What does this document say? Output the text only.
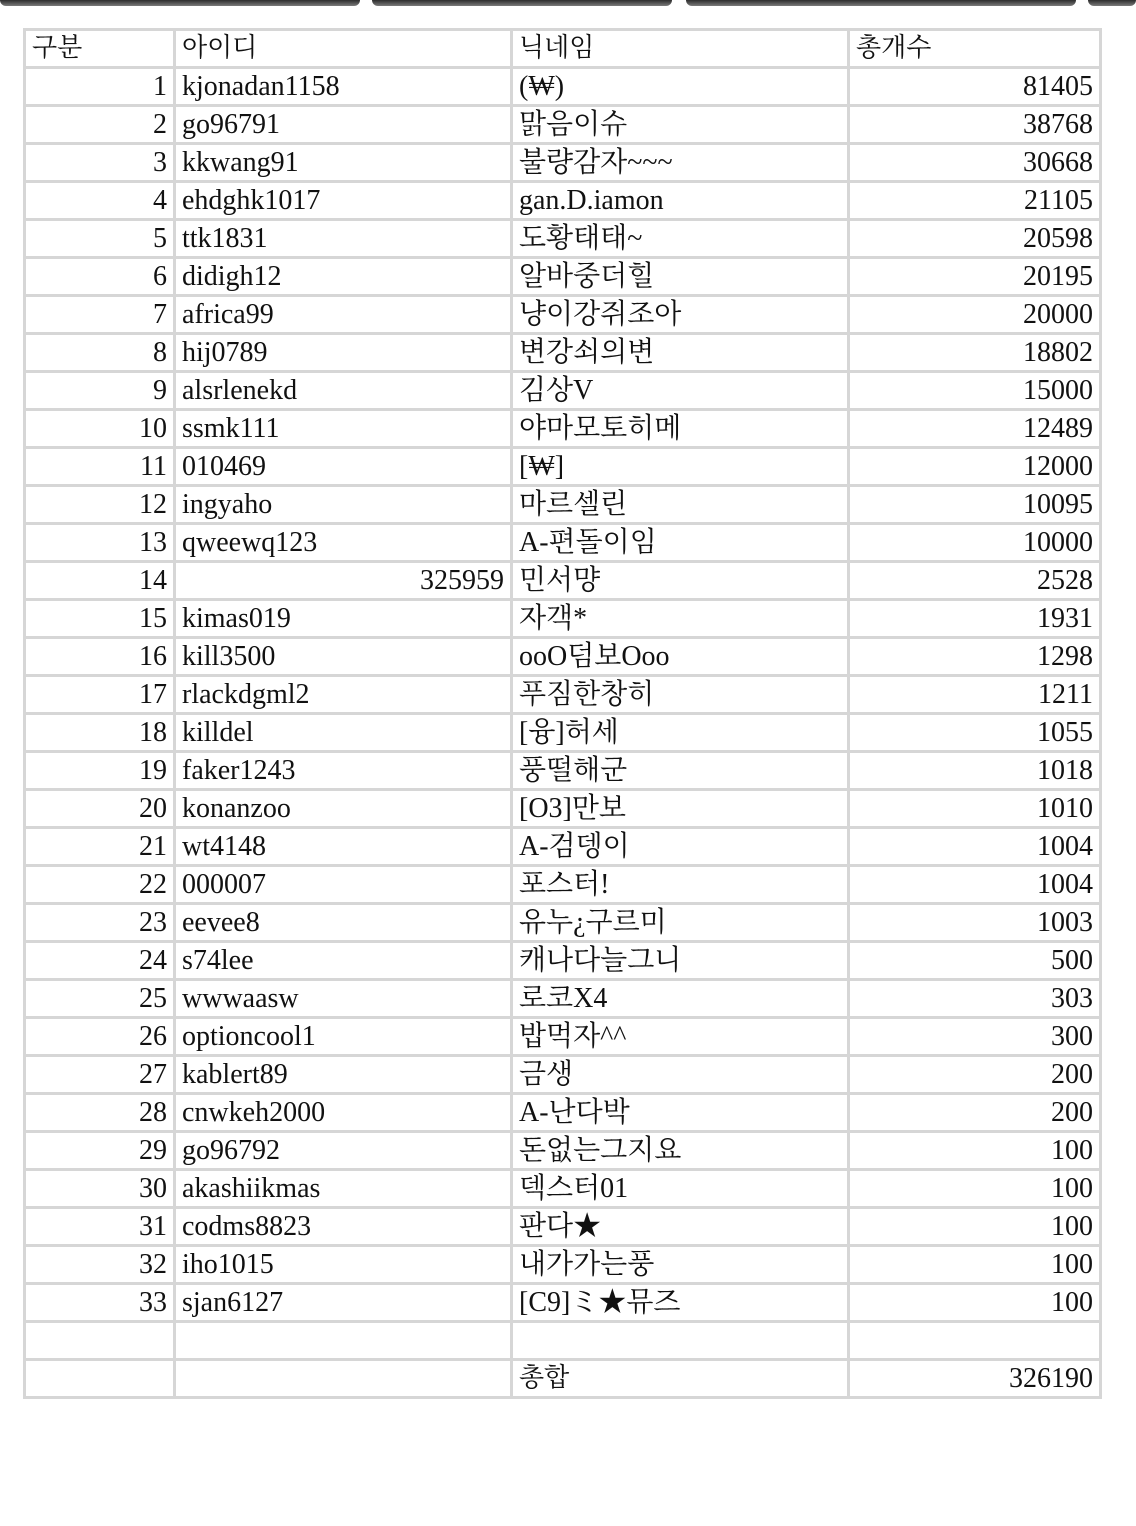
구분	아이디	닉네임	총개수
1	kjonadan1158	(₩)	81405
2	go96791	맑음이슈	38768
3	kkwang91	불량감자~~~	30668
4	ehdghk1017	gan.D.iamon	21105
5	ttk1831	도황태태~	20598
6	didigh12	알바중더힐	20195
7	africa99	냥이강쥐조아	20000
8	hij0789	변강쇠의변	18802
9	alsrlenekd	김상V	15000
10	ssmk111	야마모토히메	12489
11	010469	[₩]	12000
12	ingyaho	마르셀린	10095
13	qweewq123	A-편돌이임	10000
14	325959	민서먕	2528
15	kimas019	자객*	1931
16	kill3500	ooO덤보Ooo	1298
17	rlackdgml2	푸짐한창히	1211
18	killdel	[융]허세	1055
19	faker1243	풍떨해군	1018
20	konanzoo	[O3]만보	1010
21	wt4148	A-검뎅이	1004
22	000007	포스터!	1004
23	eevee8	유누¿구르미	1003
24	s74lee	캐나다늘그니	500
25	wwwaasw	로코X4	303
26	optioncool1	밥먹자^^	300
27	kablert89	금생	200
28	cnwkeh2000	A-난다박	200
29	go96792	돈없는그지요	100
30	akashiikmas	덱스터01	100
31	codms8823	판다★	100
32	iho1015	내가가는풍	100
33	sjan6127	[C9]ミ★뮤즈	100

		총합	326190
